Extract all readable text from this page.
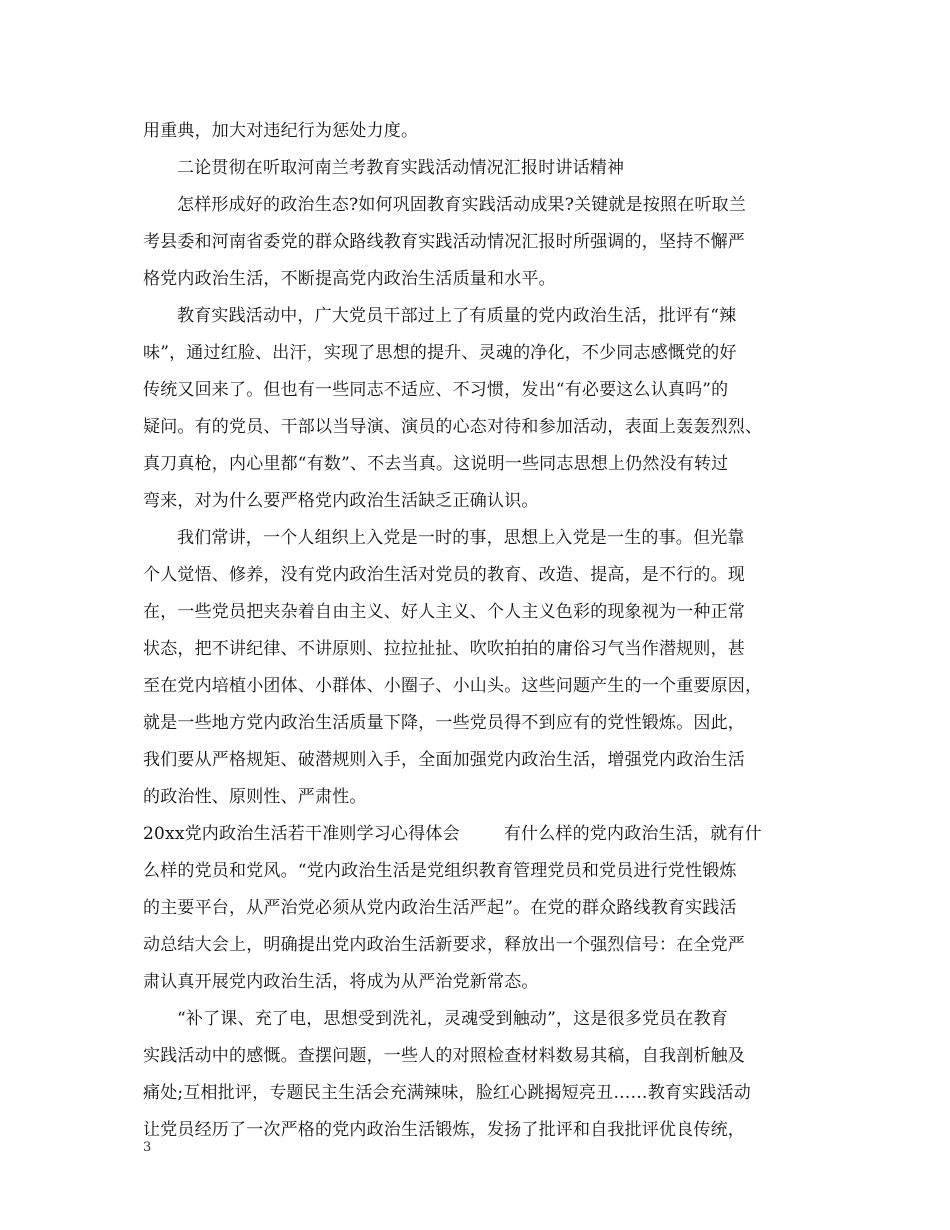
用重典，加大对违纪行为惩处力度。
二论贯彻在听取河南兰考教育实践活动情况汇报时讲话精神
怎样形成好的政治生态?如何巩固教育实践活动成果?关键就是按照在听取兰
考县委和河南省委党的群众路线教育实践活动情况汇报时所强调的，坚持不懈严
格党内政治生活，不断提高党内政治生活质量和水平。
教育实践活动中，广大党员干部过上了有质量的党内政治生活，批评有“辣
味”，通过红脸、出汗，实现了思想的提升、灵魂的净化，不少同志感慨党的好
传统又回来了。但也有一些同志不适应、不习惯，发出“有必要这么认真吗”的
疑问。有的党员、干部以当导演、演员的心态对待和参加活动，表面上轰轰烈烈、
真刀真枪，内心里都“有数”、不去当真。这说明一些同志思想上仍然没有转过
弯来，对为什么要严格党内政治生活缺乏正确认识。
我们常讲，一个人组织上入党是一时的事，思想上入党是一生的事。但光靠
个人觉悟、修养，没有党内政治生活对党员的教育、改造、提高，是不行的。现
在，一些党员把夹杂着自由主义、好人主义、个人主义色彩的现象视为一种正常
状态，把不讲纪律、不讲原则、拉拉扯扯、吹吹拍拍的庸俗习气当作潜规则，甚
至在党内培植小团体、小群体、小圈子、小山头。这些问题产生的一个重要原因，
就是一些地方党内政治生活质量下降，一些党员得不到应有的党性锻炼。因此，
我们要从严格规矩、破潜规则入手，全面加强党内政治生活，增强党内政治生活
的政治性、原则性、严肃性。
20xx党内政治生活若干准则学习心得体会	有什么样的党内政治生活，就有什
么样的党员和党风。“党内政治生活是党组织教育管理党员和党员进行党性锻炼
的主要平台，从严治党必须从党内政治生活严起”。在党的群众路线教育实践活
动总结大会上，明确提出党内政治生活新要求，释放出一个强烈信号：在全党严
肃认真开展党内政治生活，将成为从严治党新常态。
“补了课、充了电，思想受到洗礼，灵魂受到触动”，这是很多党员在教育
实践活动中的感慨。查摆问题，一些人的对照检查材料数易其稿，自我剖析触及
痛处;互相批评，专题民主生活会充满辣味，脸红心跳揭短亮丑……教育实践活动
让党员经历了一次严格的党内政治生活锻炼，发扬了批评和自我批评优良传统，
3
